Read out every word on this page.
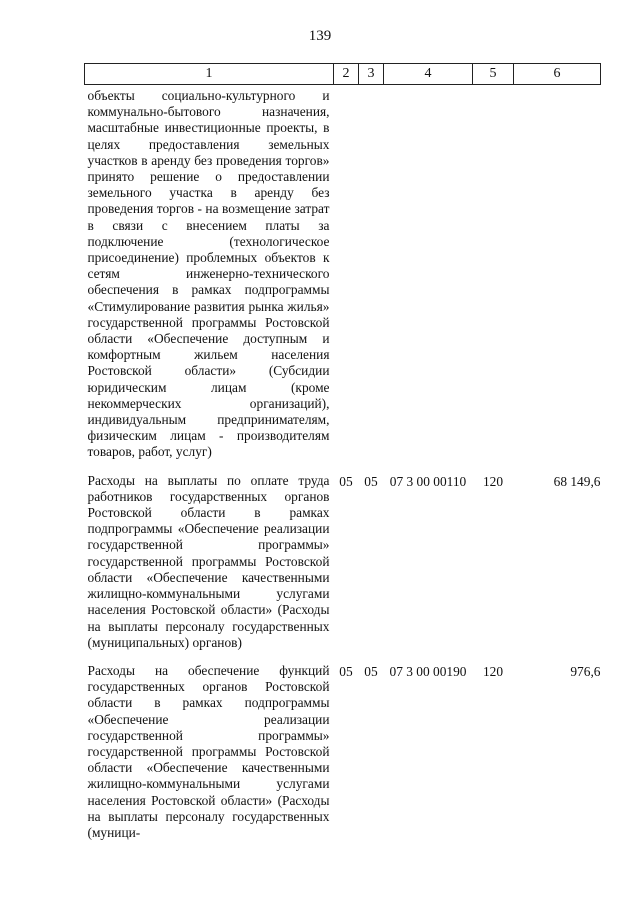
139
1	2	3	4	5	6
объекты социально-культурного и коммунально-бытового назначения, масштабные инвестиционные проекты, в целях предоставления земельных участков в аренду без проведения торгов» принято решение о предоставлении земельного участка в аренду без проведения торгов - на возмещение затрат в связи с внесением платы за подключение (технологическое присоединение) проблемных объектов к сетям инженерно-технического обеспечения в рамках подпрограммы «Стимулирование развития рынка жилья» государственной программы Ростовской области «Обеспечение доступным и комфортным жильем населения Ростовской области» (Субсидии юридическим лицам (кроме некоммерческих организаций), индивидуальным предпринимателям, физическим лицам - производителям товаров, работ, услуг)					
Расходы на выплаты по оплате труда работников государственных органов Ростовской области в рамках подпрограммы «Обеспечение реализации государственной программы» государственной программы Ростовской области «Обеспечение качественными жилищно-коммунальными услугами населения Ростовской области» (Расходы на выплаты персоналу государственных (муниципальных) органов)	05	05	07 3 00 00110	120	68 149,6
Расходы на обеспечение функций государственных органов Ростовской области в рамках подпрограммы «Обеспечение реализации государственной программы» государственной программы Ростовской области «Обеспечение качественными жилищно-коммунальными услугами населения Ростовской области» (Расходы на выплаты персоналу государственных (муници-	05	05	07 3 00 00190	120	976,6
